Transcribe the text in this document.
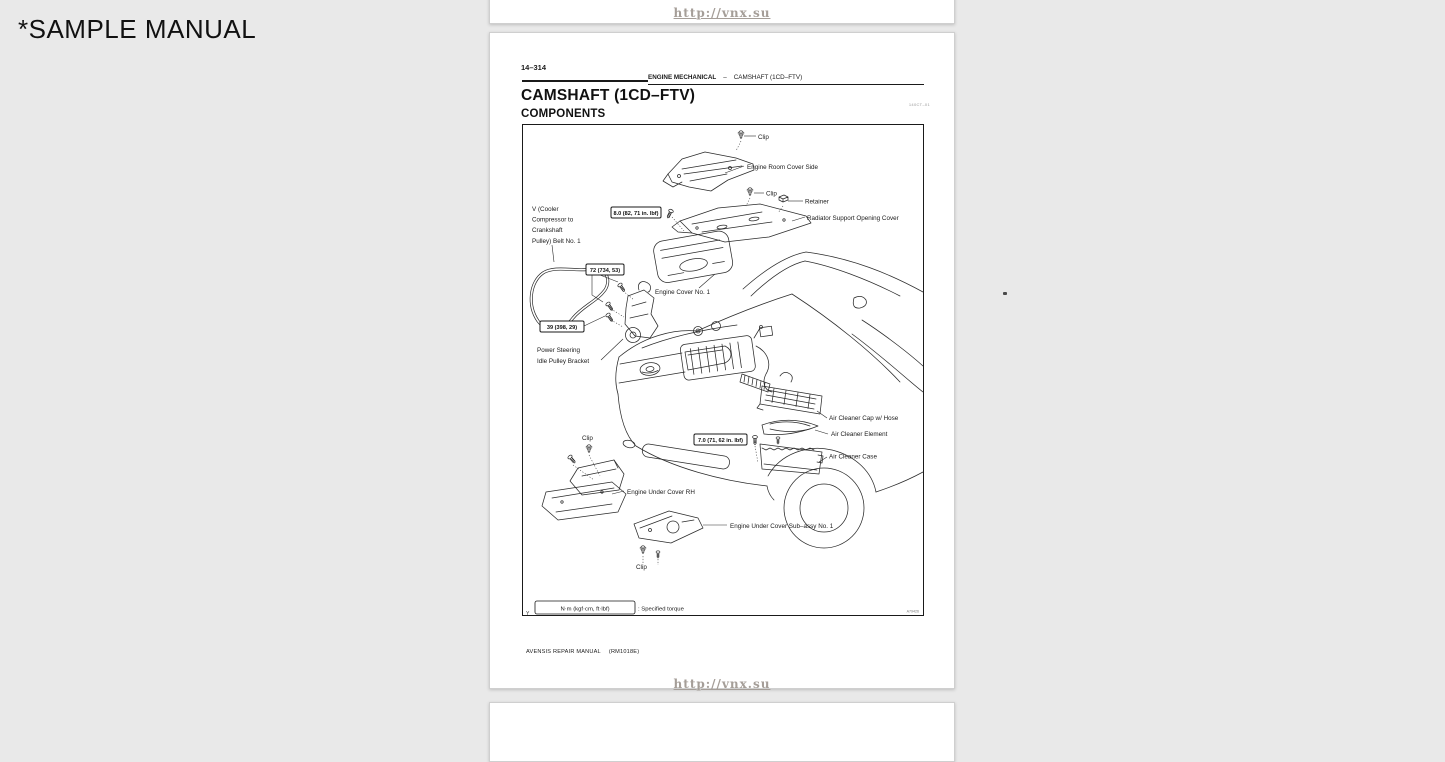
*SAMPLE MANUAL
http://vnx.su
14–314
ENGINE MECHANICAL – CAMSHAFT (1CD–FTV)
CAMSHAFT (1CD–FTV)
COMPONENTS
140CT–01
8.0 (82, 71 in. lbf)
72 (734, 53)
39 (398, 29)
7.0 (71, 62 in. lbf)
Clip
Engine Room Cover Side
Clip
Retainer
Radiator Support Opening Cover
V (Cooler
Compressor to
Crankshaft
Pulley) Belt No. 1
Engine Cover No. 1
Power Steering
Idle Pulley Bracket
Air Cleaner Cap w/ Hose
Air Cleaner Element
Air Cleaner Case
Clip
Engine Under Cover RH
Engine Under Cover Sub–assy No. 1
Clip
Y
N·m (kgf·cm, ft·lbf)	: Specified torque	A79426
AVENSIS REPAIR MANUAL (RM1018E)
http://vnx.su
